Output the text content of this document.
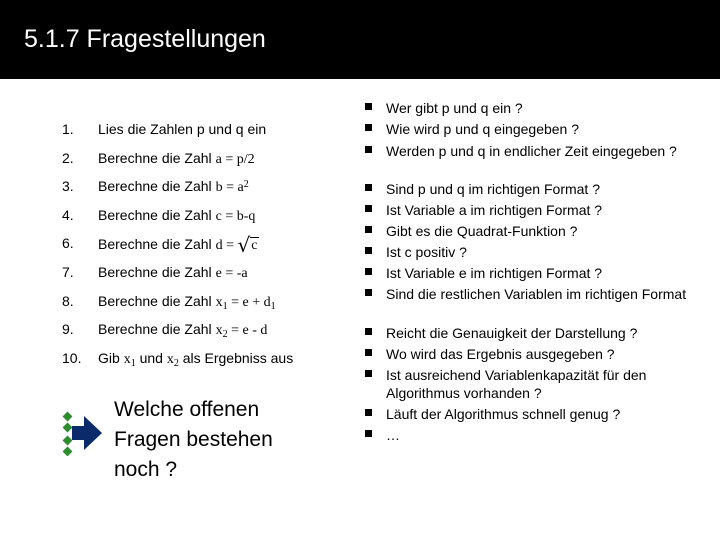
5.1.7 Fragestellungen
1. Lies die Zahlen p und q ein
2. Berechne die Zahl a = p/2
3. Berechne die Zahl $b = a^2$
4. Berechne die Zahl c = b-q
6. Berechne die Zahl d = √c
7. Berechne die Zahl e = -a
8. Berechne die Zahl $x_1 = e + d_1$
9. Berechne die Zahl $x_2 = e - d$
10. Gib $x_1$ und $x_2$ als Ergebniss aus
Welche offenen
Fragen bestehen
noch ?
Wer gibt p und q ein ?
Wie wird p und q eingegeben ?
Werden p und q in endlicher Zeit eingegeben ?
Sind p und q im richtigen Format ?
Ist Variable a im richtigen Format ?
Gibt es die Quadrat-Funktion ?
Ist c positiv ?
Ist Variable e im richtigen Format ?
Sind die restlichen Variablen im richtigen Format
Reicht die Genauigkeit der Darstellung ?
Wo wird das Ergebnis ausgegeben ?
Ist ausreichend Variablenkapazität für den Algorithmus vorhanden ?
Läuft der Algorithmus schnell genug ?
…
